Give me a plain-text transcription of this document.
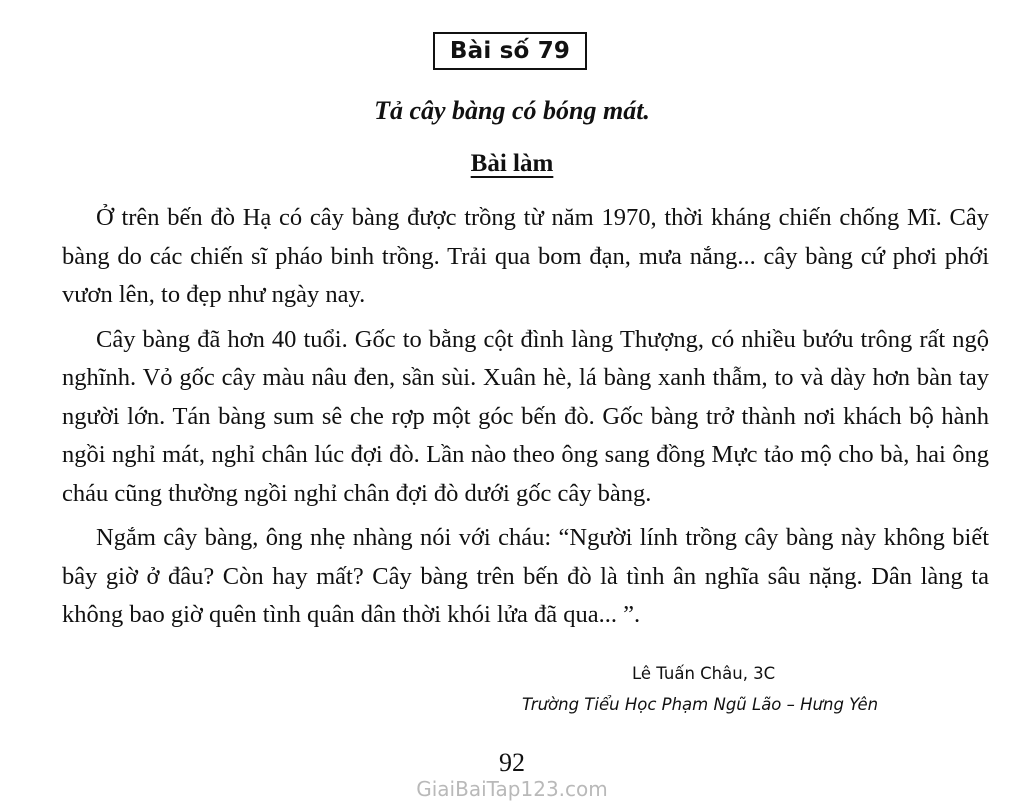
Bài số 79
Tả cây bàng có bóng mát.
Bài làm

Ở trên bến đò Hạ có cây bàng được trồng từ năm 1970, thời kháng chiến chống Mĩ. Cây bàng do các chiến sĩ pháo binh trồng. Trải qua bom đạn, mưa nắng... cây bàng cứ phơi phới vươn lên, to đẹp như ngày nay.

Cây bàng đã hơn 40 tuổi. Gốc to bằng cột đình làng Thượng, có nhiều bướu trông rất ngộ nghĩnh. Vỏ gốc cây màu nâu đen, sần sùi. Xuân hè, lá bàng xanh thẫm, to và dày hơn bàn tay người lớn. Tán bàng sum sê che rợp một góc bến đò. Gốc bàng trở thành nơi khách bộ hành ngồi nghỉ mát, nghỉ chân lúc đợi đò. Lần nào theo ông sang đồng Mực tảo mộ cho bà, hai ông cháu cũng thường ngồi nghỉ chân đợi đò dưới gốc cây bàng.

Ngắm cây bàng, ông nhẹ nhàng nói với cháu: “Người lính trồng cây bàng này không biết bây giờ ở đâu? Còn hay mất? Cây bàng trên bến đò là tình ân nghĩa sâu nặng. Dân làng ta không bao giờ quên tình quân dân thời khói lửa đã qua... ”.

Lê Tuấn Châu, 3C
Trường Tiểu Học Phạm Ngũ Lão – Hưng Yên
92
GiaiBaiTap123.com
